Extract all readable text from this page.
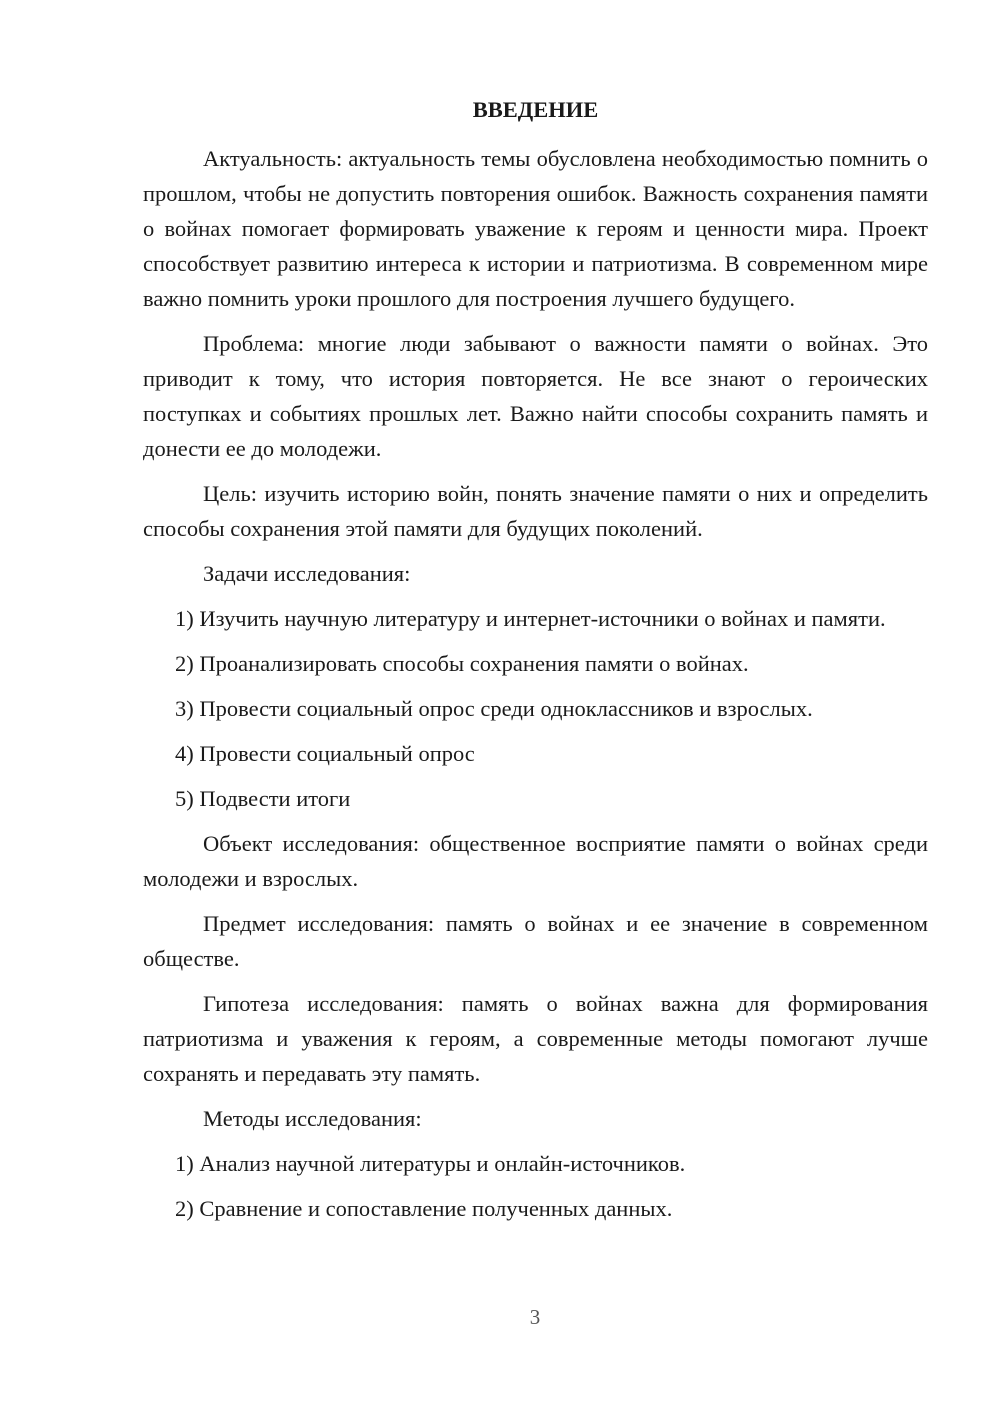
ВВЕДЕНИЕ

Актуальность: актуальность темы обусловлена необходимостью помнить о прошлом, чтобы не допустить повторения ошибок. Важность сохранения памяти о войнах помогает формировать уважение к героям и ценности мира. Проект способствует развитию интереса к истории и патриотизма. В современном мире важно помнить уроки прошлого для построения лучшего будущего.

Проблема: многие люди забывают о важности памяти о войнах. Это приводит к тому, что история повторяется. Не все знают о героических поступках и событиях прошлых лет. Важно найти способы сохранить память и донести ее до молодежи.

Цель: изучить историю войн, понять значение памяти о них и определить способы сохранения этой памяти для будущих поколений.

Задачи исследования:

1) Изучить научную литературу и интернет-источники о войнах и памяти.

2) Проанализировать способы сохранения памяти о войнах.

3) Провести социальный опрос среди одноклассников и взрослых.

4) Провести социальный опрос

5) Подвести итоги

Объект исследования: общественное восприятие памяти о войнах среди молодежи и взрослых.

Предмет исследования: память о войнах и ее значение в современном обществе.

Гипотеза исследования: память о войнах важна для формирования патриотизма и уважения к героям, а современные методы помогают лучше сохранять и передавать эту память.

Методы исследования:

1) Анализ научной литературы и онлайн-источников.

2) Сравнение и сопоставление полученных данных.

3
